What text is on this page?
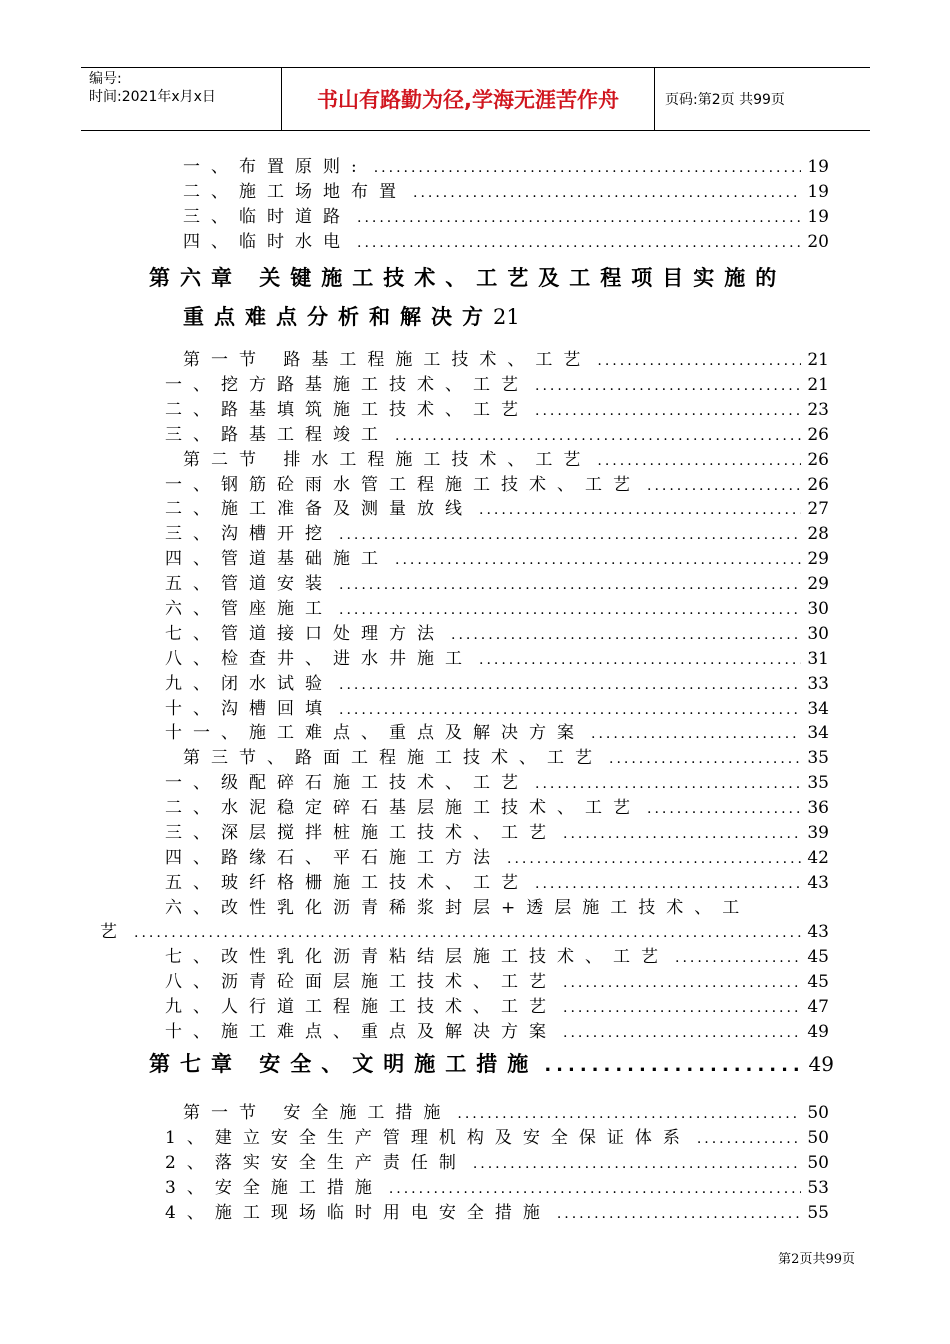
编号:
时间:2021年x月x日	书山有路勤为径,学海无涯苦作舟	页码:第2页 共99页
一、布置原则: .....	19
二、施工场地布置 .....	19
三、临时道路 .....	19
四、临时水电 .....	20
第六章 关键施工技术、工艺及工程项目实施的
重点难点分析和解决方21
第一节 路基工程施工技术、工艺 .....	21
一、挖方路基施工技术、工艺 .....	21
二、路基填筑施工技术、工艺 .....	23
三、路基工程竣工 .....	26
第二节 排水工程施工技术、工艺 .....	26
一、钢筋砼雨水管工程施工技术、工艺 .....	26
二、施工准备及测量放线 .....	27
三、沟槽开挖 .....	28
四、管道基础施工 .....	29
五、管道安装 .....	29
六、管座施工 .....	30
七、管道接口处理方法 .....	30
八、检查井、进水井施工 .....	31
九、闭水试验 .....	33
十、沟槽回填 .....	34
十一、施工难点、重点及解决方案 .....	34
第三节、路面工程施工技术、工艺 .....	35
一、级配碎石施工技术、工艺 .....	35
二、水泥稳定碎石基层施工技术、工艺 .....	36
三、深层搅拌桩施工技术、工艺 .....	39
四、路缘石、平石施工方法 .....	42
五、玻纤格栅施工技术、工艺 .....	43
六、改性乳化沥青稀浆封层+透层施工技术、工
艺 .....	43
七、改性乳化沥青粘结层施工技术、工艺 .....	45
八、沥青砼面层施工技术、工艺 .....	45
九、人行道工程施工技术、工艺 .....	47
十、施工难点、重点及解决方案 .....	49
第七章 安全、文明施工措施 .....	49
第一节 安全施工措施 .....	50
1、建立安全生产管理机构及安全保证体系 .....	50
2、落实安全生产责任制 .....	50
3、安全施工措施 .....	53
4、施工现场临时用电安全措施 .....	55
第2页共99页
